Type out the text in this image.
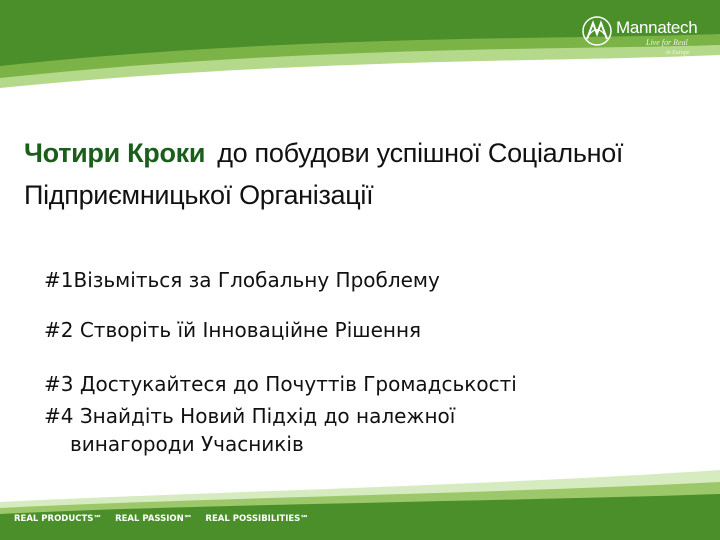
Mannatech
Live for Real
in Europe
Чотири Кроки до побудови успішної Соціальної Підприємницької Організації
#1Візьміться за Глобальну Проблему
#2 Створіть їй Інноваційне Рішення
#3 Достукайтеся до Почуттів Громадськості
#4 Знайдіть Новий Підхід до належної
винагороди Учасників
REAL PRODUCTS℠ REAL PASSION℠ REAL POSSIBILITIES℠
